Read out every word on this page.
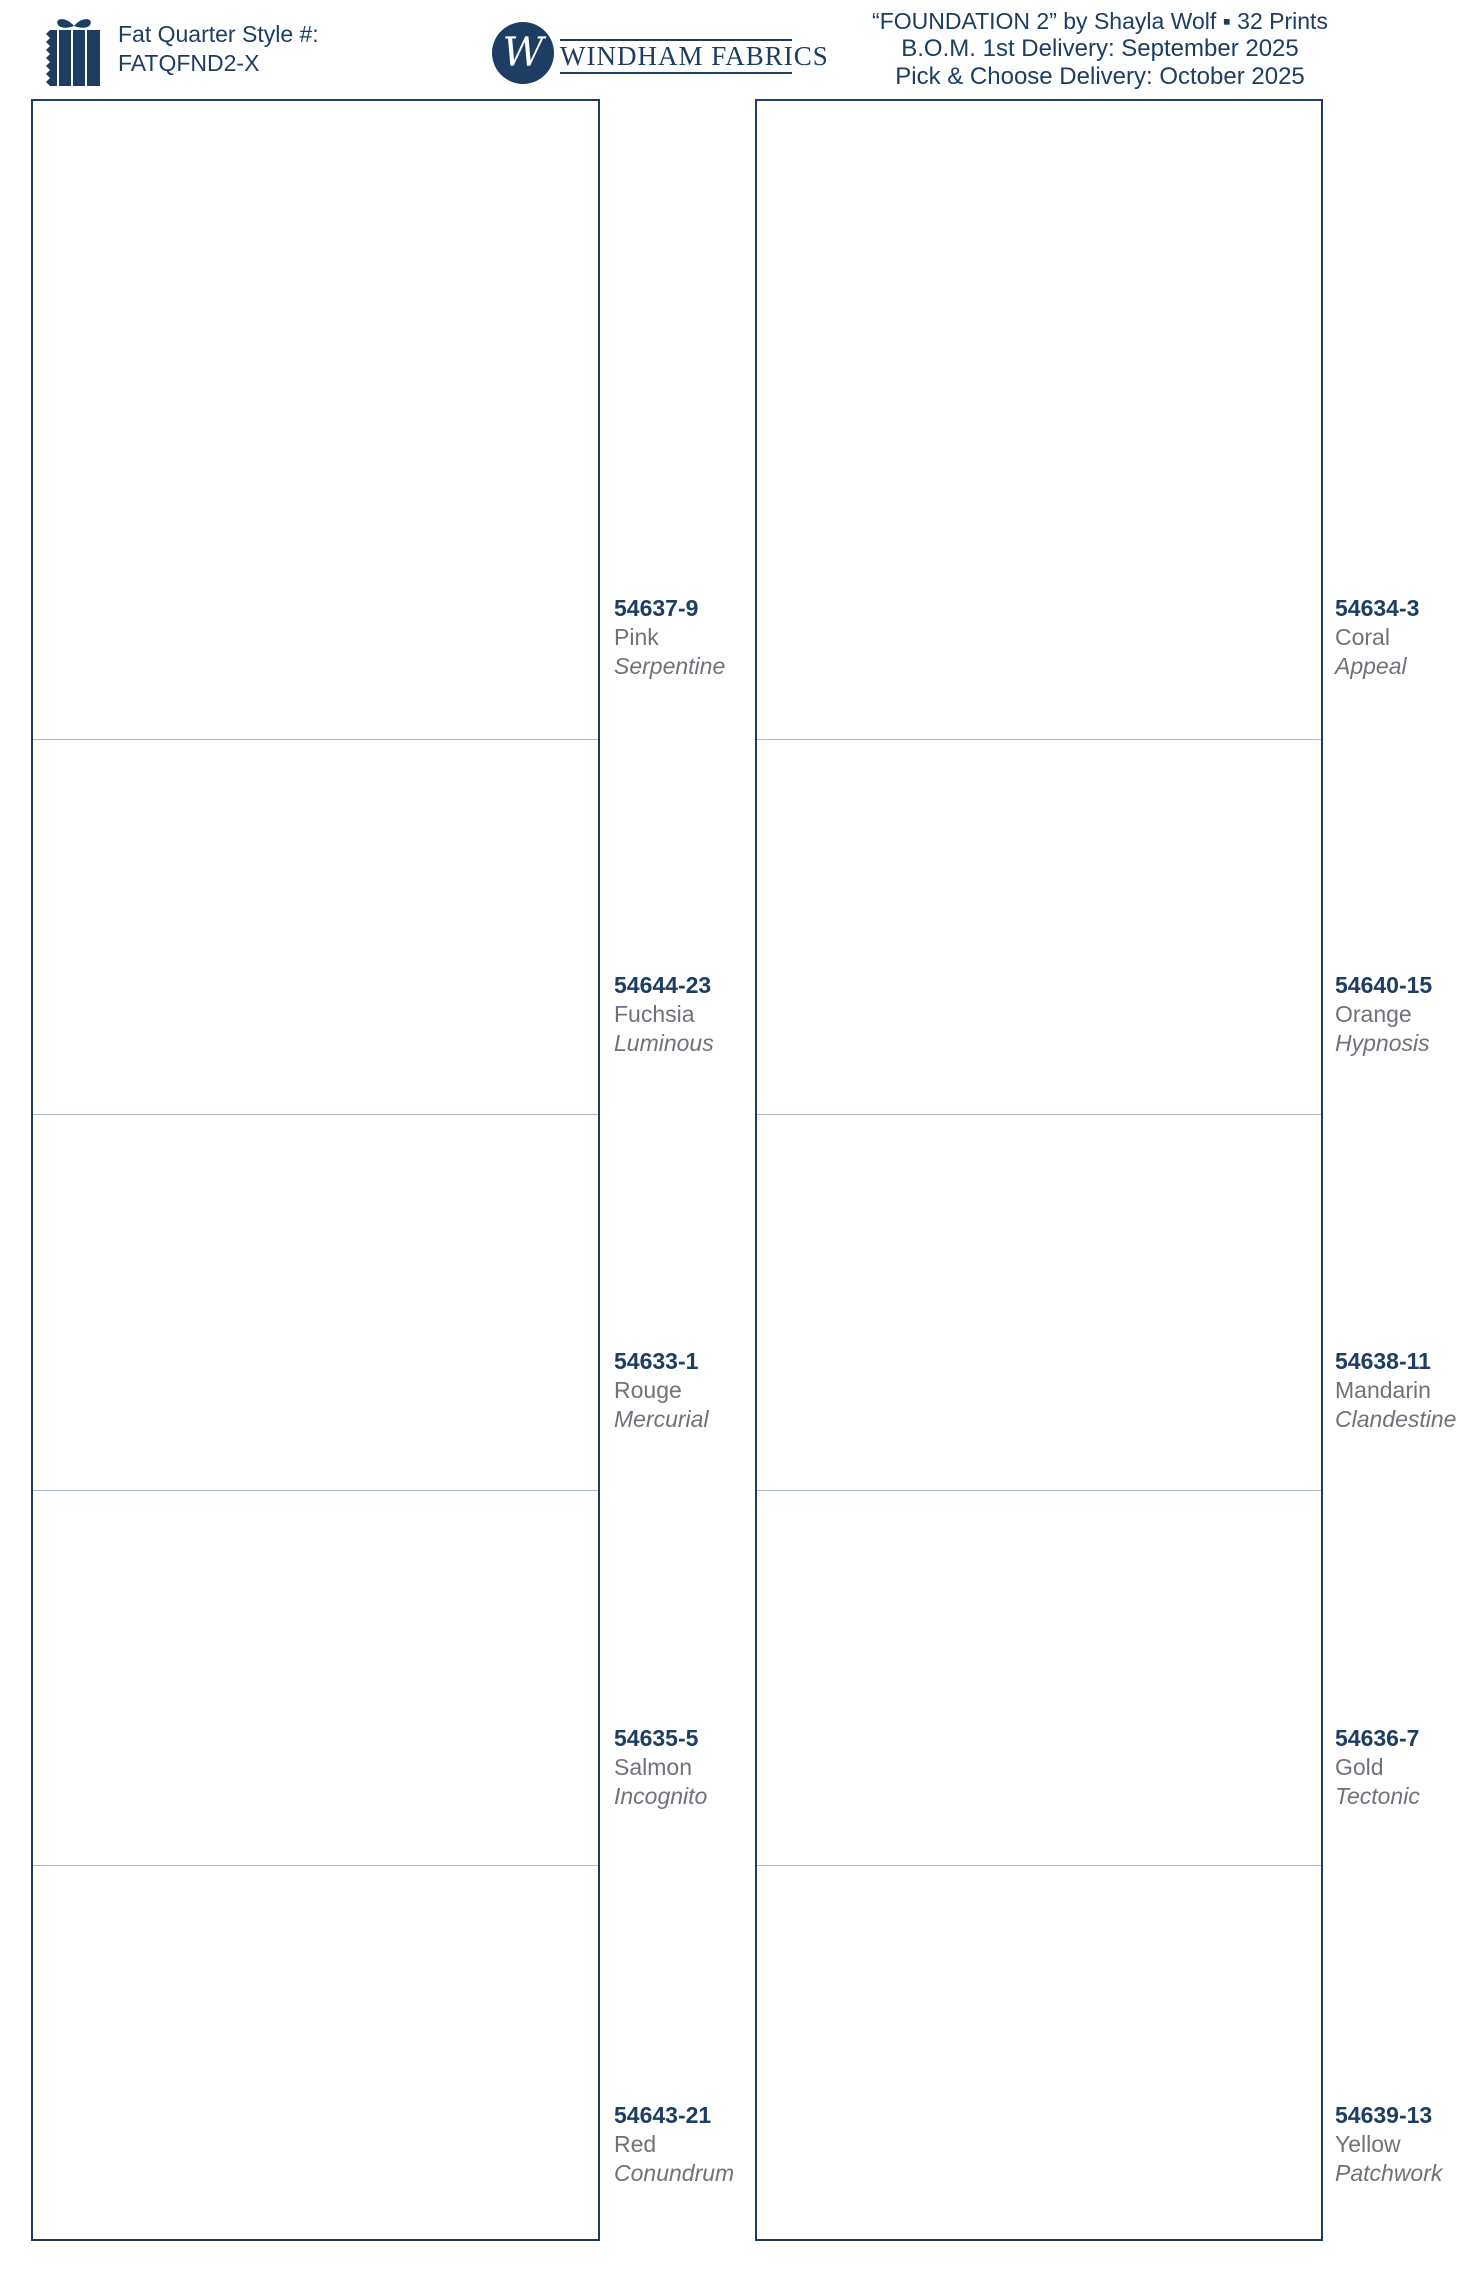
Fat Quarter Style #:
FATQFND2-X	W WINDHAM FABRICS
“FOUNDATION 2” by Shayla Wolf ▪ 32 Prints
B.O.M. 1st Delivery: September 2025
Pick & Choose Delivery: October 2025
54637-9
Pink
Serpentine
54644-23
Fuchsia
Luminous
54633-1
Rouge
Mercurial
54635-5
Salmon
Incognito
54643-21
Red
Conundrum
54634-3
Coral
Appeal
54640-15
Orange
Hypnosis
54638-11
Mandarin
Clandestine
54636-7
Gold
Tectonic
54639-13
Yellow
Patchwork
